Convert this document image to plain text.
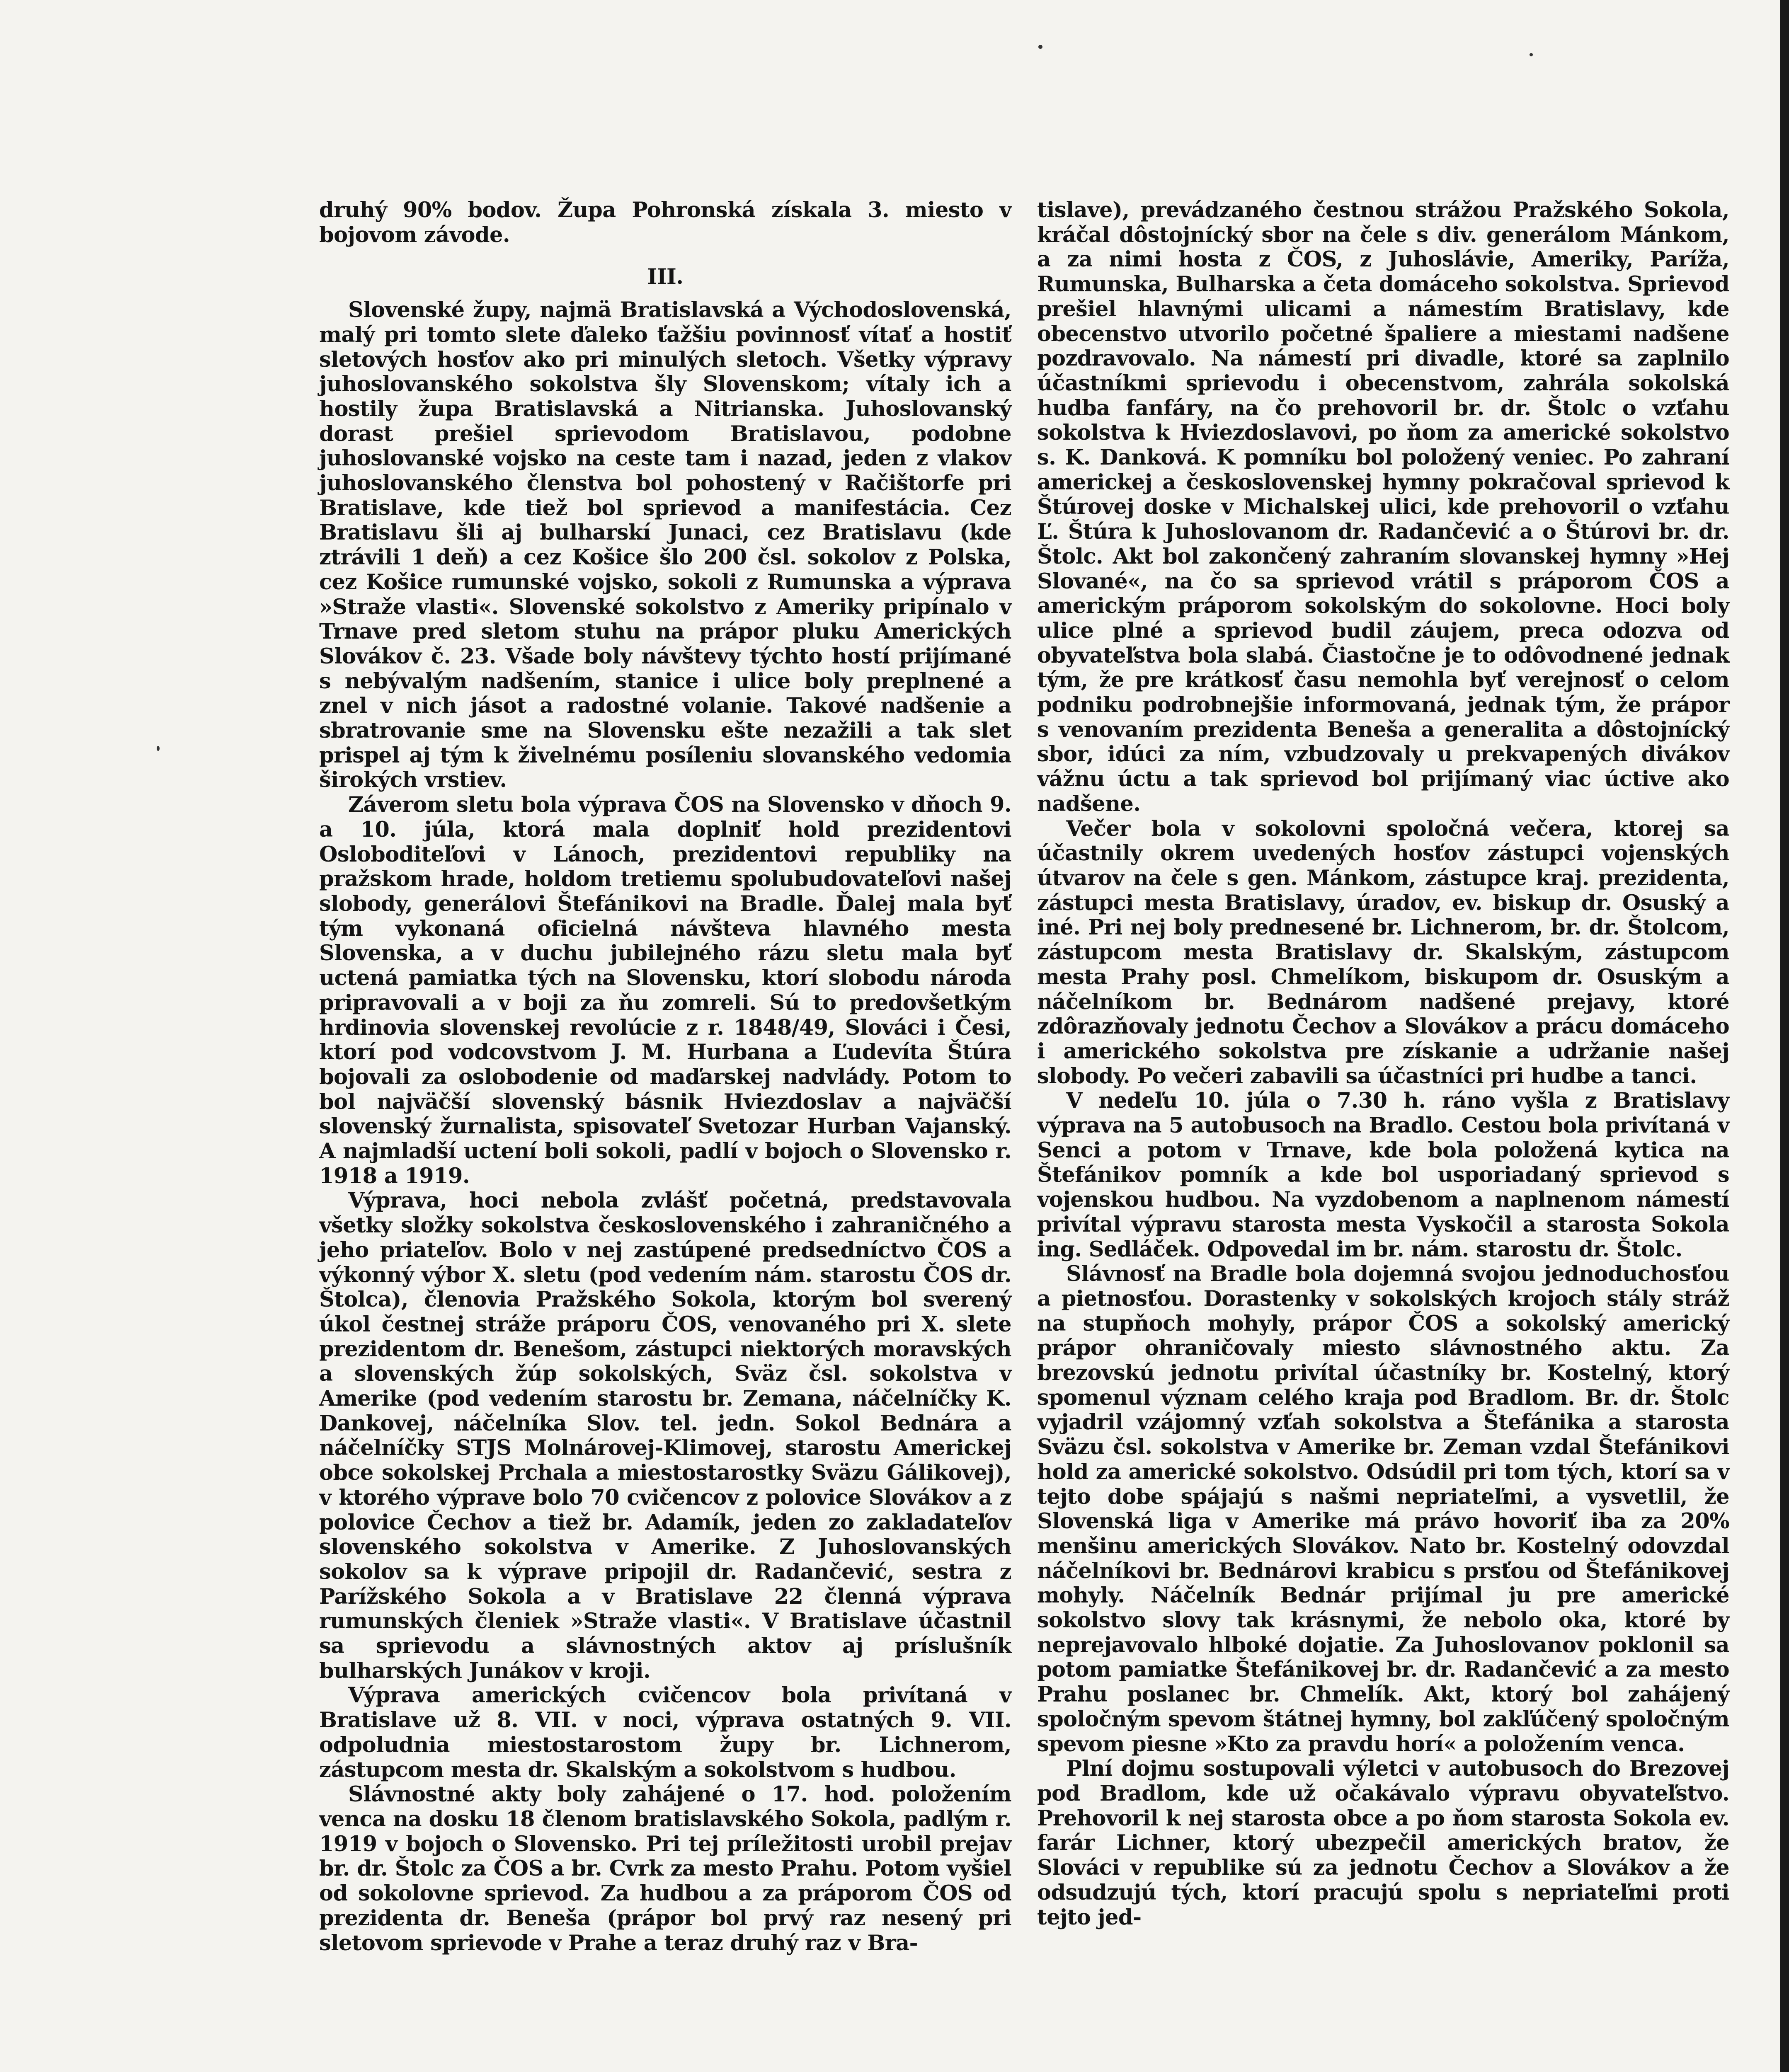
druhý 90% bodov. Župa Pohronská získala 3. miesto v bojovom závode.

III.

Slovenské župy, najmä Bratislavská a Východoslovenská, malý pri tomto slete ďaleko ťažšiu povinnosť vítať a hostiť sletových hosťov ako pri minulých sletoch. Všetky výpravy juhoslovanského sokolstva šly Slovenskom; vítaly ich a hostily župa Bratislavská a Nitrianska. Juhoslovanský dorast prešiel sprievodom Bratislavou, podobne juhoslovanské vojsko na ceste tam i nazad, jeden z vlakov juhoslovanského členstva bol pohostený v Račištorfe pri Bratislave, kde tiež bol sprievod a manifestácia. Cez Bratislavu šli aj bulharskí Junaci, cez Bratislavu (kde ztrávili 1 deň) a cez Košice šlo 200 čsl. sokolov z Polska, cez Košice rumunské vojsko, sokoli z Rumunska a výprava »Straže vlasti«. Slovenské sokolstvo z Ameriky pripínalo v Trnave pred sletom stuhu na prápor pluku Amerických Slovákov č. 23. Všade boly návštevy týchto hostí prijímané s nebývalým nadšením, stanice i ulice boly preplnené a znel v nich jásot a radostné volanie. Takové nadšenie a sbratrovanie sme na Slovensku ešte nezažili a tak slet prispel aj tým k živelnému posíleniu slovanského vedomia širokých vrstiev.

Záverom sletu bola výprava ČOS na Slovensko v dňoch 9. a 10. júla, ktorá mala doplniť hold prezidentovi Osloboditeľovi v Lánoch, prezidentovi republiky na pražskom hrade, holdom tretiemu spolubudovateľovi našej slobody, generálovi Štefánikovi na Bradle. Ďalej mala byť tým vykonaná oficielná návšteva hlavného mesta Slovenska, a v duchu jubilejného rázu sletu mala byť uctená pamiatka tých na Slovensku, ktorí slobodu národa pripravovali a v boji za ňu zomreli. Sú to predovšetkým hrdinovia slovenskej revolúcie z r. 1848/49, Slováci i Česi, ktorí pod vodcovstvom J. M. Hurbana a Ľudevíta Štúra bojovali za oslobodenie od maďarskej nadvlády. Potom to bol najväčší slovenský básnik Hviezdoslav a najväčší slovenský žurnalista, spisovateľ Svetozar Hurban Vajanský. A najmladší uctení boli sokoli, padlí v bojoch o Slovensko r. 1918 a 1919.

Výprava, hoci nebola zvlášť početná, predstavovala všetky složky sokolstva československého i zahraničného a jeho priateľov. Bolo v nej zastúpené predsedníctvo ČOS a výkonný výbor X. sletu (pod vedením nám. starostu ČOS dr. Štolca), členovia Pražského Sokola, ktorým bol sverený úkol čestnej stráže práporu ČOS, venovaného pri X. slete prezidentom dr. Benešom, zástupci niektorých moravských a slovenských žúp sokolských, Sväz čsl. sokolstva v Amerike (pod vedením starostu br. Zemana, náčelníčky K. Dankovej, náčelníka Slov. tel. jedn. Sokol Bednára a náčelníčky STJS Molnárovej-Klimovej, starostu Americkej obce sokolskej Prchala a miestostarostky Sväzu Gálikovej), v ktorého výprave bolo 70 cvičencov z polovice Slovákov a z polovice Čechov a tiež br. Adamík, jeden zo zakladateľov slovenského sokolstva v Amerike. Z Juhoslovanských sokolov sa k výprave pripojil dr. Radančević, sestra z Parížského Sokola a v Bratislave 22 členná výprava rumunských členiek »Straže vlasti«. V Bratislave účastnil sa sprievodu a slávnostných aktov aj príslušník bulharských Junákov v kroji.

Výprava amerických cvičencov bola privítaná v Bratislave už 8. VII. v noci, výprava ostatných 9. VII. odpoludnia miestostarostom župy br. Lichnerom, zástupcom mesta dr. Skalským a sokolstvom s hudbou.

Slávnostné akty boly zahájené o 17. hod. položením venca na dosku 18 členom bratislavského Sokola, padlým r. 1919 v bojoch o Slovensko. Pri tej príležitosti urobil prejav br. dr. Štolc za ČOS a br. Cvrk za mesto Prahu. Potom vyšiel od sokolovne sprievod. Za hudbou a za práporom ČOS od prezidenta dr. Beneša (prápor bol prvý raz nesený pri sletovom sprievode v Prahe a teraz druhý raz v Bra-

tislave), prevádzaného čestnou strážou Pražského Sokola, kráčal dôstojnícký sbor na čele s div. generálom Mánkom, a za nimi hosta z ČOS, z Juhoslávie, Ameriky, Paríža, Rumunska, Bulharska a četa domáceho sokolstva. Sprievod prešiel hlavnými ulicami a námestím Bratislavy, kde obecenstvo utvorilo početné špaliere a miestami nadšene pozdravovalo. Na námestí pri divadle, ktoré sa zaplnilo účastníkmi sprievodu i obecenstvom, zahrála sokolská hudba fanfáry, na čo prehovoril br. dr. Štolc o vzťahu sokolstva k Hviezdoslavovi, po ňom za americké sokolstvo s. K. Danková. K pomníku bol položený veniec. Po zahraní americkej a československej hymny pokračoval sprievod k Štúrovej doske v Michalskej ulici, kde prehovoril o vzťahu Ľ. Štúra k Juhoslovanom dr. Radančević a o Štúrovi br. dr. Štolc. Akt bol zakončený zahraním slovanskej hymny »Hej Slované«, na čo sa sprievod vrátil s práporom ČOS a americkým práporom sokolským do sokolovne. Hoci boly ulice plné a sprievod budil záujem, preca odozva od obyvateľstva bola slabá. Čiastočne je to odôvodnené jednak tým, že pre krátkosť času nemohla byť verejnosť o celom podniku podrobnejšie informovaná, jednak tým, že prápor s venovaním prezidenta Beneša a generalita a dôstojnícký sbor, idúci za ním, vzbudzovaly u prekvapených divákov vážnu úctu a tak sprievod bol prijímaný viac úctive ako nadšene.

Večer bola v sokolovni spoločná večera, ktorej sa účastnily okrem uvedených hosťov zástupci vojenských útvarov na čele s gen. Mánkom, zástupce kraj. prezidenta, zástupci mesta Bratislavy, úradov, ev. biskup dr. Osuský a iné. Pri nej boly prednesené br. Lichnerom, br. dr. Štolcom, zástupcom mesta Bratislavy dr. Skalským, zástupcom mesta Prahy posl. Chmelíkom, biskupom dr. Osuským a náčelníkom br. Bednárom nadšené prejavy, ktoré zdôrazňovaly jednotu Čechov a Slovákov a prácu domáceho i amerického sokolstva pre získanie a udržanie našej slobody. Po večeri zabavili sa účastníci pri hudbe a tanci.

V nedeľu 10. júla o 7.30 h. ráno vyšla z Bratislavy výprava na 5 autobusoch na Bradlo. Cestou bola privítaná v Senci a potom v Trnave, kde bola položená kytica na Štefánikov pomník a kde bol usporiadaný sprievod s vojenskou hudbou. Na vyzdobenom a naplnenom námestí privítal výpravu starosta mesta Vyskočil a starosta Sokola ing. Sedláček. Odpovedal im br. nám. starostu dr. Štolc.

Slávnosť na Bradle bola dojemná svojou jednoduchosťou a pietnosťou. Dorastenky v sokolských krojoch stály stráž na stupňoch mohyly, prápor ČOS a sokolský americký prápor ohraničovaly miesto slávnostného aktu. Za brezovskú jednotu privítal účastníky br. Kostelný, ktorý spomenul význam celého kraja pod Bradlom. Br. dr. Štolc vyjadril vzájomný vzťah sokolstva a Štefánika a starosta Sväzu čsl. sokolstva v Amerike br. Zeman vzdal Štefánikovi hold za americké sokolstvo. Odsúdil pri tom tých, ktorí sa v tejto dobe spájajú s našmi nepriateľmi, a vysvetlil, že Slovenská liga v Amerike má právo hovoriť iba za 20% menšinu amerických Slovákov. Nato br. Kostelný odovzdal náčelníkovi br. Bednárovi krabicu s prsťou od Štefánikovej mohyly. Náčelník Bednár prijímal ju pre americké sokolstvo slovy tak krásnymi, že nebolo oka, ktoré by neprejavovalo hlboké dojatie. Za Juhoslovanov poklonil sa potom pamiatke Štefánikovej br. dr. Radančević a za mesto Prahu poslanec br. Chmelík. Akt, ktorý bol zahájený spoločným spevom štátnej hymny, bol zakľúčený spoločným spevom piesne »Kto za pravdu horí« a položením venca.

Plní dojmu sostupovali výletci v autobusoch do Brezovej pod Bradlom, kde už očakávalo výpravu obyvateľstvo. Prehovoril k nej starosta obce a po ňom starosta Sokola ev. farár Lichner, ktorý ubezpečil amerických bratov, že Slováci v republike sú za jednotu Čechov a Slovákov a že odsudzujú tých, ktorí pracujú spolu s nepriateľmi proti tejto jed-
